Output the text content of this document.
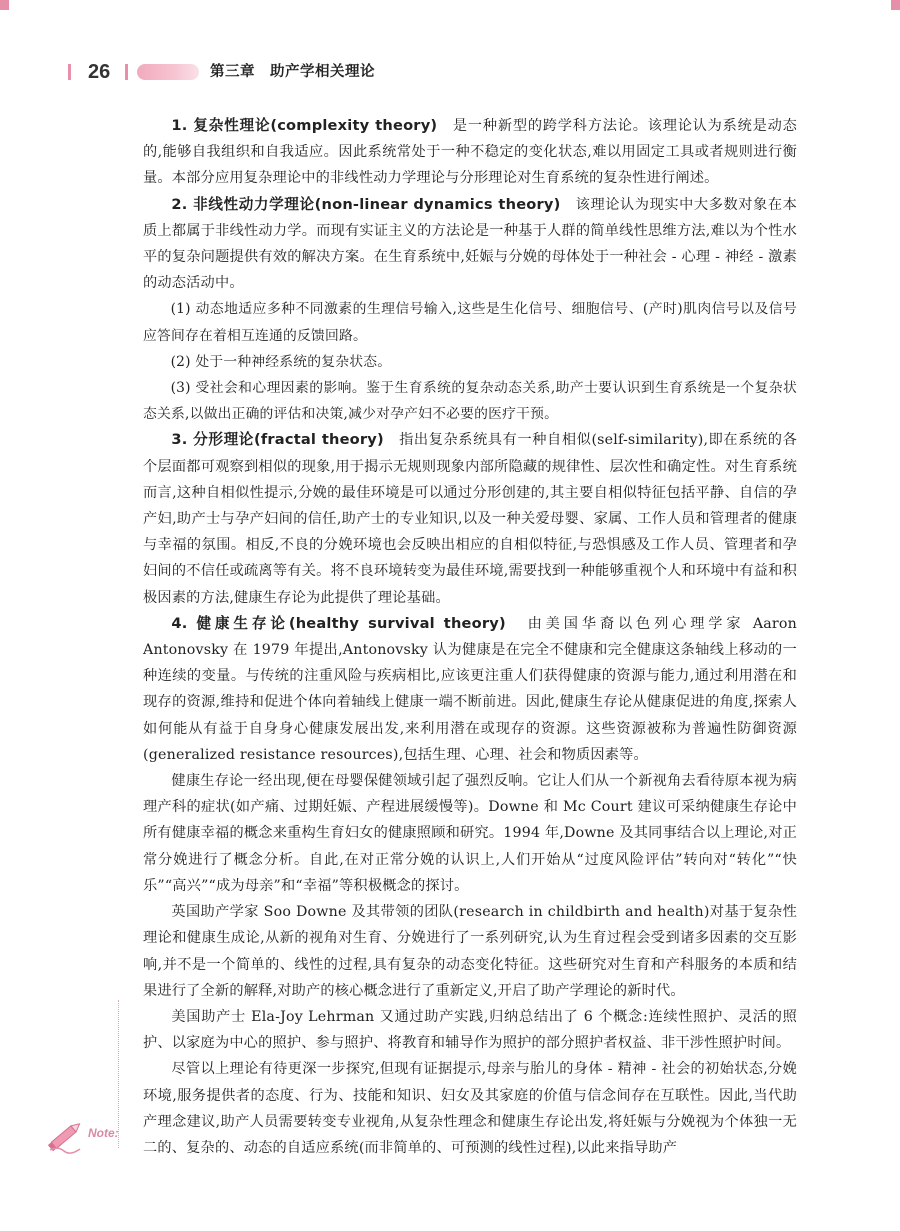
26	第三章　助产学相关理论

1. 复杂性理论(complexity theory)　是一种新型的跨学科方法论。该理论认为系统是动态的,能够自我组织和自我适应。因此系统常处于一种不稳定的变化状态,难以用固定工具或者规则进行衡量。本部分应用复杂理论中的非线性动力学理论与分形理论对生育系统的复杂性进行阐述。

2. 非线性动力学理论(non-linear dynamics theory)　该理论认为现实中大多数对象在本质上都属于非线性动力学。而现有实证主义的方法论是一种基于人群的简单线性思维方法,难以为个性水平的复杂问题提供有效的解决方案。在生育系统中,妊娠与分娩的母体处于一种社会 - 心理 - 神经 - 激素的动态活动中。

(1) 动态地适应多种不同激素的生理信号输入,这些是生化信号、细胞信号、(产时)肌肉信号以及信号应答间存在着相互连通的反馈回路。

(2) 处于一种神经系统的复杂状态。

(3) 受社会和心理因素的影响。鉴于生育系统的复杂动态关系,助产士要认识到生育系统是一个复杂状态关系,以做出正确的评估和决策,减少对孕产妇不必要的医疗干预。

3. 分形理论(fractal theory)　指出复杂系统具有一种自相似(self-similarity),即在系统的各个层面都可观察到相似的现象,用于揭示无规则现象内部所隐藏的规律性、层次性和确定性。对生育系统而言,这种自相似性提示,分娩的最佳环境是可以通过分形创建的,其主要自相似特征包括平静、自信的孕产妇,助产士与孕产妇间的信任,助产士的专业知识,以及一种关爱母婴、家属、工作人员和管理者的健康与幸福的氛围。相反,不良的分娩环境也会反映出相应的自相似特征,与恐惧感及工作人员、管理者和孕妇间的不信任或疏离等有关。将不良环境转变为最佳环境,需要找到一种能够重视个人和环境中有益和积极因素的方法,健康生存论为此提供了理论基础。

4. 健康生存论(healthy survival theory)　由美国华裔以色列心理学家 Aaron Antonovsky 在 1979 年提出,Antonovsky 认为健康是在完全不健康和完全健康这条轴线上移动的一种连续的变量。与传统的注重风险与疾病相比,应该更注重人们获得健康的资源与能力,通过利用潜在和现存的资源,维持和促进个体向着轴线上健康一端不断前进。因此,健康生存论从健康促进的角度,探索人如何能从有益于自身身心健康发展出发,来利用潜在或现存的资源。这些资源被称为普遍性防御资源(generalized resistance resources),包括生理、心理、社会和物质因素等。

健康生存论一经出现,便在母婴保健领域引起了强烈反响。它让人们从一个新视角去看待原本视为病理产科的症状(如产痛、过期妊娠、产程进展缓慢等)。Downe 和 Mc Court 建议可采纳健康生存论中所有健康幸福的概念来重构生育妇女的健康照顾和研究。1994 年,Downe 及其同事结合以上理论,对正常分娩进行了概念分析。自此,在对正常分娩的认识上,人们开始从“过度风险评估”转向对“转化”“快乐”“高兴”“成为母亲”和“幸福”等积极概念的探讨。

英国助产学家 Soo Downe 及其带领的团队(research in childbirth and health)对基于复杂性理论和健康生成论,从新的视角对生育、分娩进行了一系列研究,认为生育过程会受到诸多因素的交互影响,并不是一个简单的、线性的过程,具有复杂的动态变化特征。这些研究对生育和产科服务的本质和结果进行了全新的解释,对助产的核心概念进行了重新定义,开启了助产学理论的新时代。

美国助产士 Ela-Joy Lehrman 又通过助产实践,归纳总结出了 6 个概念:连续性照护、灵活的照护、以家庭为中心的照护、参与照护、将教育和辅导作为照护的部分照护者权益、非干涉性照护时间。

尽管以上理论有待更深一步探究,但现有证据提示,母亲与胎儿的身体 - 精神 - 社会的初始状态,分娩环境,服务提供者的态度、行为、技能和知识、妇女及其家庭的价值与信念间存在互联性。因此,当代助产理念建议,助产人员需要转变专业视角,从复杂性理念和健康生存论出发,将妊娠与分娩视为个体独一无二的、复杂的、动态的自适应系统(而非简单的、可预测的线性过程),以此来指导助产

Note:
